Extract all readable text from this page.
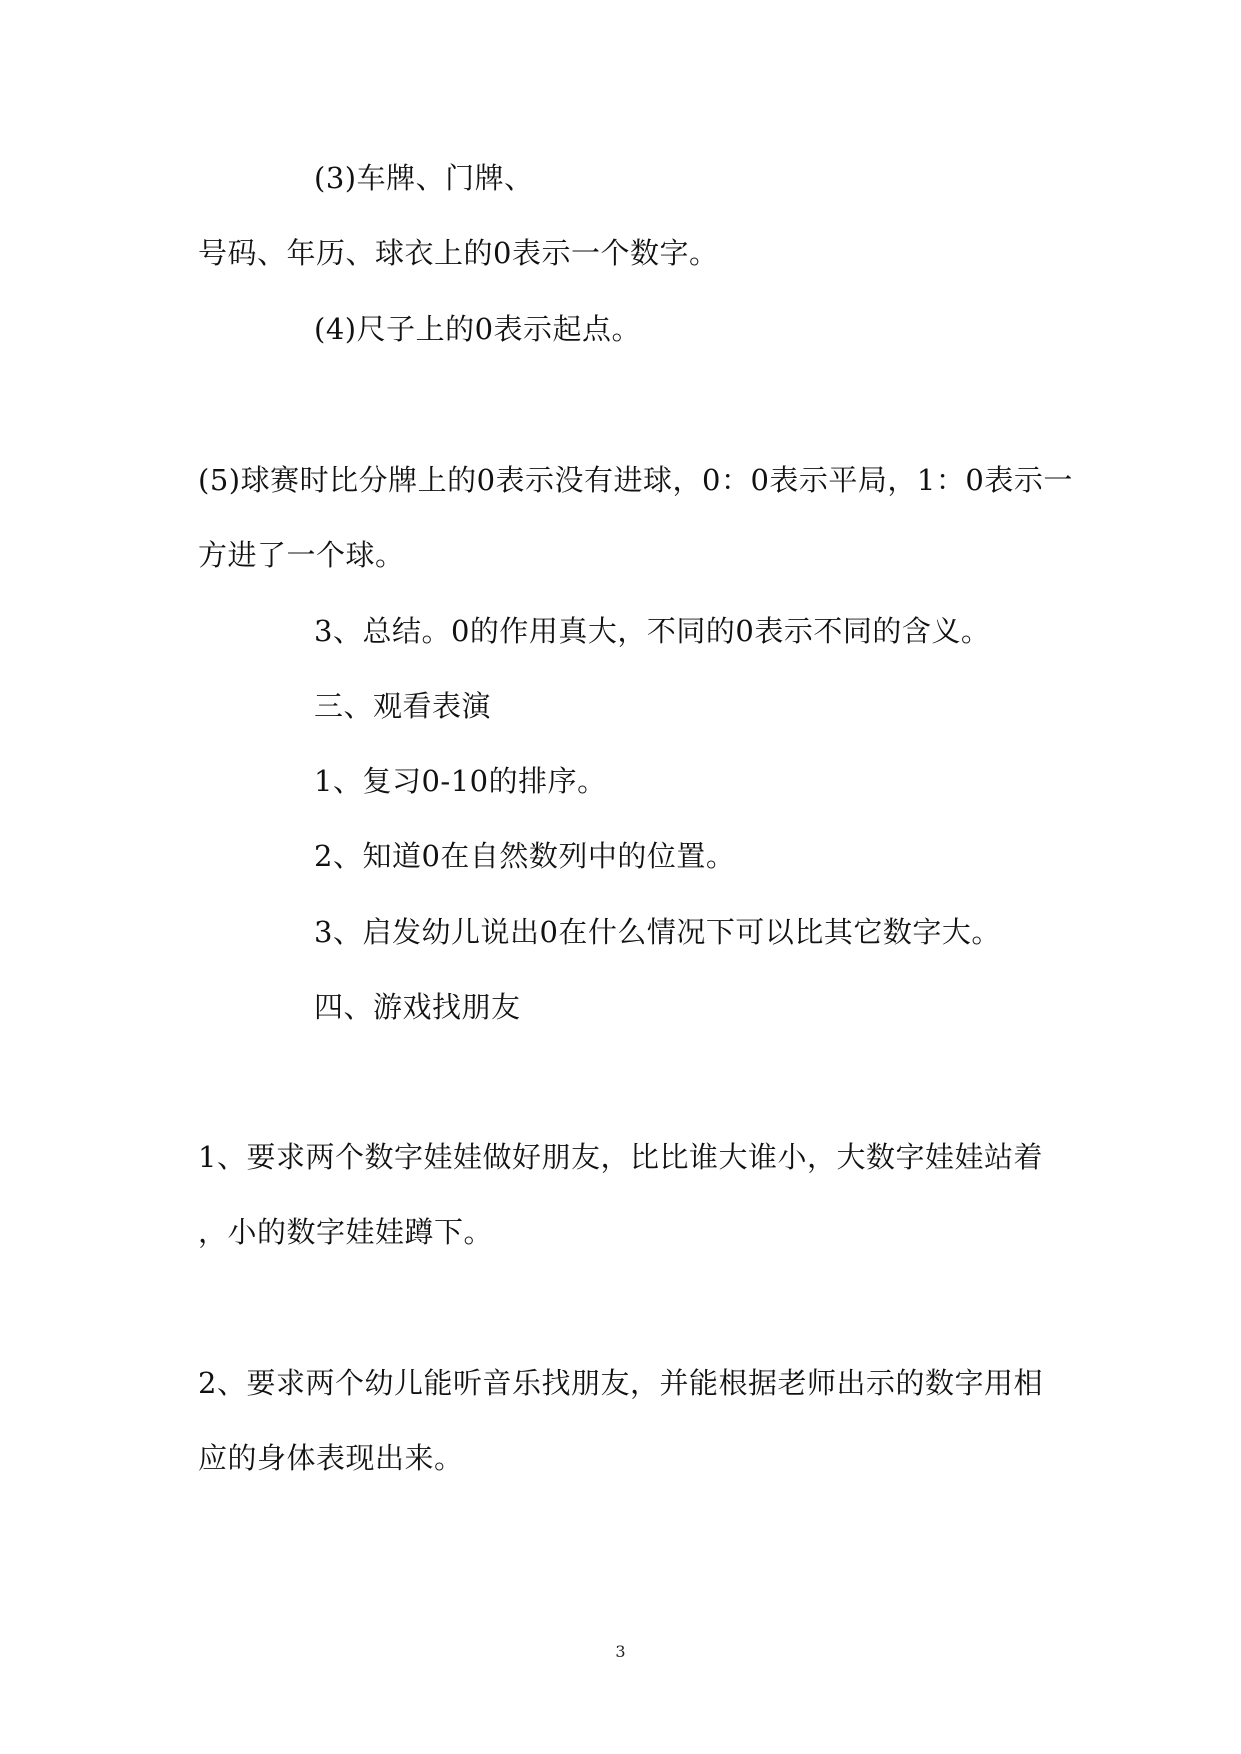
(3)车牌、门牌、
号码、年历、球衣上的0表示一个数字。
(4)尺子上的0表示起点。
(5)球赛时比分牌上的0表示没有进球，0：0表示平局，1：0表示一
方进了一个球。
3、总结。0的作用真大，不同的0表示不同的含义。
三、观看表演
1、复习0-10的排序。
2、知道0在自然数列中的位置。
3、启发幼儿说出0在什么情况下可以比其它数字大。
四、游戏找朋友
1、要求两个数字娃娃做好朋友，比比谁大谁小，大数字娃娃站着
，小的数字娃娃蹲下。
2、要求两个幼儿能听音乐找朋友，并能根据老师出示的数字用相
应的身体表现出来。
3
